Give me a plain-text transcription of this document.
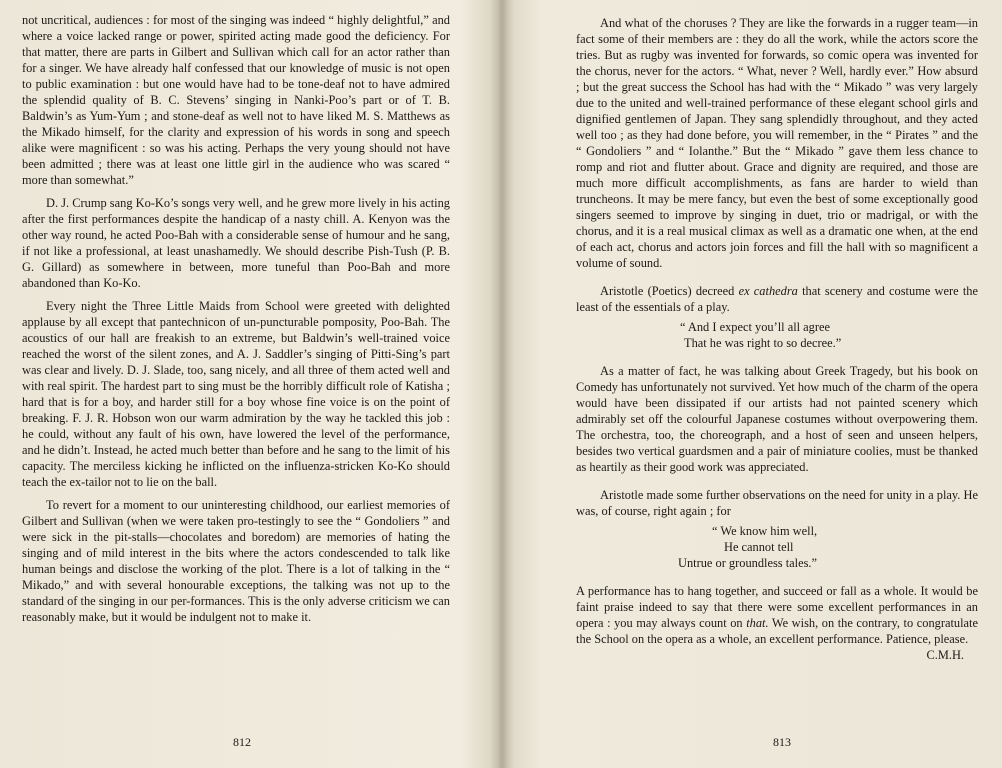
not uncritical, audiences : for most of the singing was indeed “ highly delightful,” and where a voice lacked range or power, spirited acting made good the deficiency. For that matter, there are parts in Gilbert and Sullivan which call for an actor rather than for a singer. We have already half confessed that our knowledge of music is not open to public examination : but one would have had to be tone-deaf not to have admired the splendid quality of B. C. Stevens’ singing in Nanki-Poo’s part or of T. B. Baldwin’s as Yum-Yum ; and stone-deaf as well not to have liked M. S. Matthews as the Mikado himself, for the clarity and expression of his words in song and speech alike were magnificent : so was his acting. Perhaps the very young should not have been admitted ; there was at least one little girl in the audience who was scared “ more than somewhat.”

D. J. Crump sang Ko-Ko’s songs very well, and he grew more lively in his acting after the first performances despite the handicap of a nasty chill. A. Kenyon was the other way round, he acted Poo-Bah with a considerable sense of humour and he sang, if not like a professional, at least unashamedly. We should describe Pish-Tush (P. B. G. Gillard) as somewhere in between, more tuneful than Poo-Bah and more abandoned than Ko-Ko.

Every night the Three Little Maids from School were greeted with delighted applause by all except that pantechnicon of un-puncturable pomposity, Poo-Bah. The acoustics of our hall are freakish to an extreme, but Baldwin’s well-trained voice reached the worst of the silent zones, and A. J. Saddler’s singing of Pitti-Sing’s part was clear and lively. D. J. Slade, too, sang nicely, and all three of them acted well and with real spirit. The hardest part to sing must be the horribly difficult role of Katisha ; hard that is for a boy, and harder still for a boy whose fine voice is on the point of breaking. F. J. R. Hobson won our warm admiration by the way he tackled this job : he could, without any fault of his own, have lowered the level of the performance, and he didn’t. Instead, he acted much better than before and he sang to the limit of his capacity. The merciless kicking he inflicted on the influenza-stricken Ko-Ko should teach the ex-tailor not to lie on the ball.

To revert for a moment to our uninteresting childhood, our earliest memories of Gilbert and Sullivan (when we were taken pro-testingly to see the “ Gondoliers ” and were sick in the pit-stalls—chocolates and boredom) are memories of hating the singing and of mild interest in the bits where the actors condescended to talk like human beings and disclose the working of the plot. There is a lot of talking in the “ Mikado,” and with several honourable exceptions, the talking was not up to the standard of the singing in our per-formances. This is the only adverse criticism we can reasonably make, but it would be indulgent not to make it.

812

And what of the choruses ? They are like the forwards in a rugger team—in fact some of their members are : they do all the work, while the actors score the tries. But as rugby was invented for forwards, so comic opera was invented for the chorus, never for the actors. “ What, never ? Well, hardly ever.” How absurd ; but the great success the School has had with the “ Mikado ” was very largely due to the united and well-trained performance of these elegant school girls and dignified gentlemen of Japan. They sang splendidly throughout, and they acted well too ; as they had done before, you will remember, in the “ Pirates ” and the “ Gondoliers ” and “ Iolanthe.” But the “ Mikado ” gave them less chance to romp and riot and flutter about. Grace and dignity are required, and those are much more difficult accomplishments, as fans are harder to wield than truncheons. It may be mere fancy, but even the best of some exceptionally good singers seemed to improve by singing in duet, trio or madrigal, or with the chorus, and it is a real musical climax as well as a dramatic one when, at the end of each act, chorus and actors join forces and fill the hall with so magnificent a volume of sound.

Aristotle (Poetics) decreed ex cathedra that scenery and costume were the least of the essentials of a play.

“ And I expect you’ll all agree
That he was right to so decree.”

As a matter of fact, he was talking about Greek Tragedy, but his book on Comedy has unfortunately not survived. Yet how much of the charm of the opera would have been dissipated if our artists had not painted scenery which admirably set off the colourful Japanese costumes without overpowering them. The orchestra, too, the choreograph, and a host of seen and unseen helpers, besides two vertical guardsmen and a pair of miniature coolies, must be thanked as heartily as their good work was appreciated.

Aristotle made some further observations on the need for unity in a play. He was, of course, right again ; for

“ We know him well,
He cannot tell
Untrue or groundless tales.”

A performance has to hang together, and succeed or fall as a whole. It would be faint praise indeed to say that there were some excellent performances in an opera : you may always count on that. We wish, on the contrary, to congratulate the School on the opera as a whole, an excellent performance. Patience, please.

C.M.H.

813
